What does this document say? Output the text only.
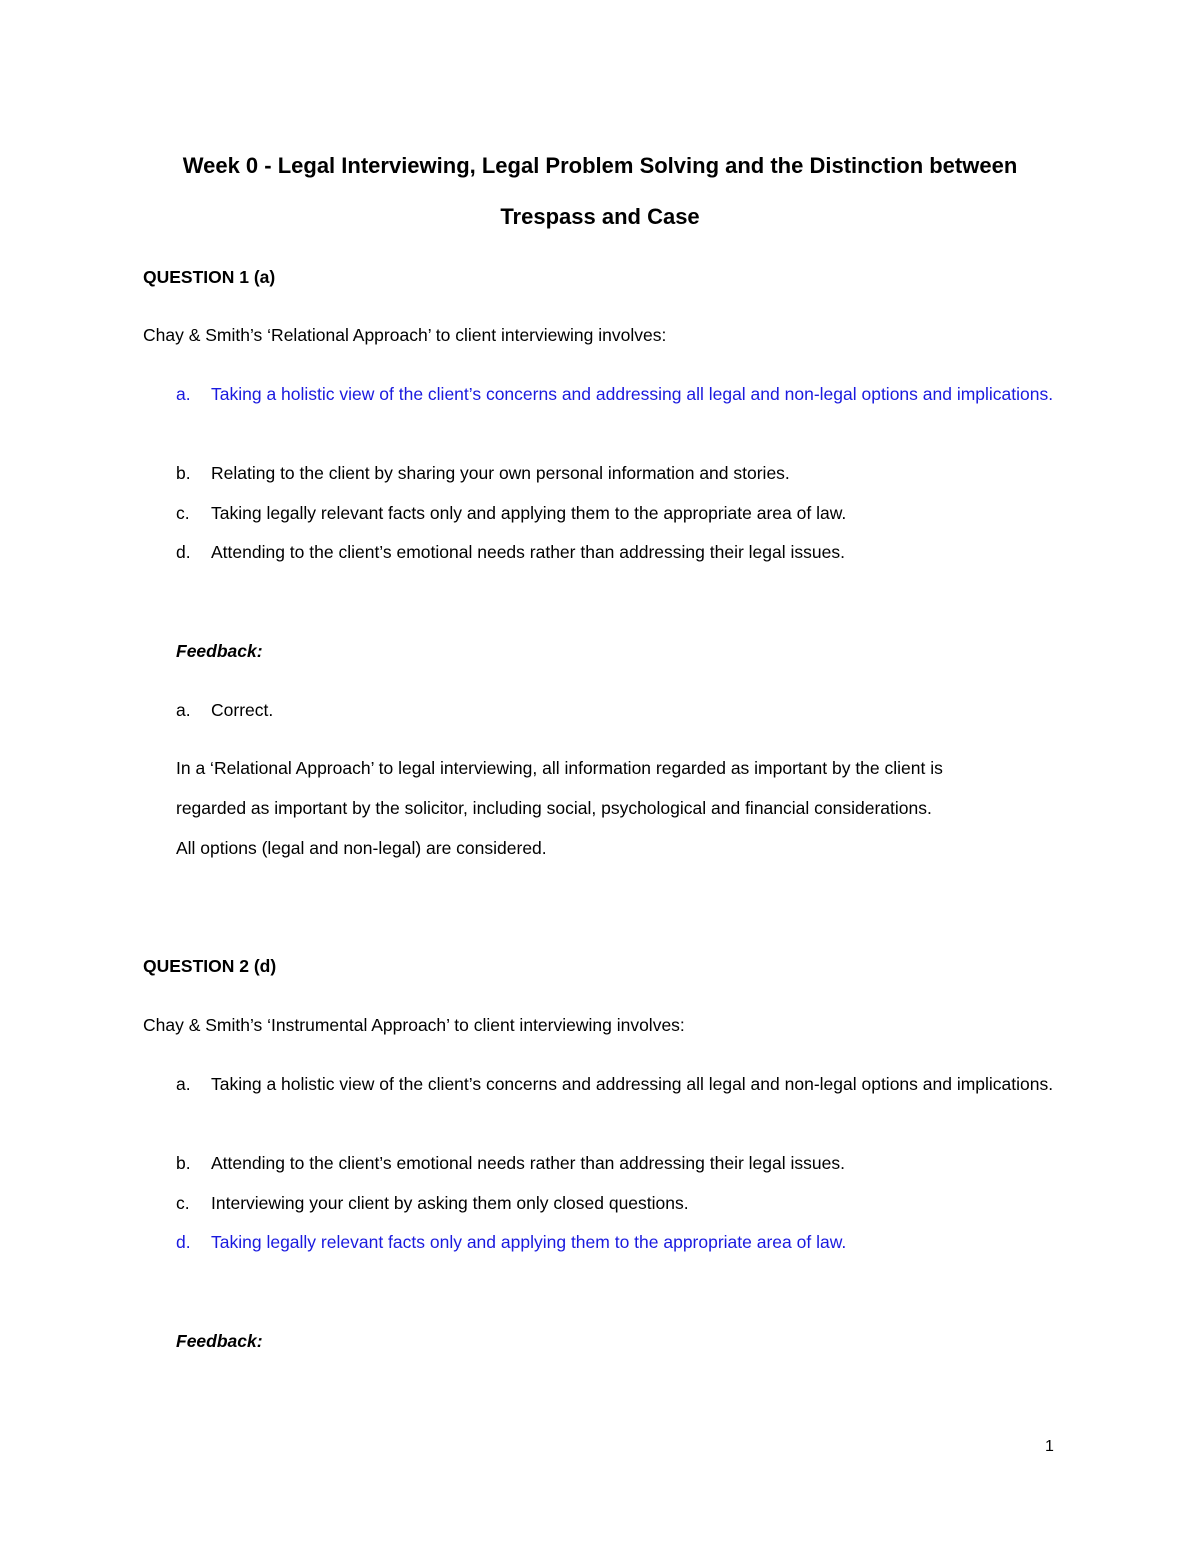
Week 0 - Legal Interviewing, Legal Problem Solving and the Distinction between
Trespass and Case

QUESTION 1 (a)

Chay & Smith’s ‘Relational Approach’ to client interviewing involves:

a.	Taking a holistic view of the client’s concerns and addressing all legal and non-legal options and implications.
b.	Relating to the client by sharing your own personal information and stories.
c.	Taking legally relevant facts only and applying them to the appropriate area of law.
d.	Attending to the client’s emotional needs rather than addressing their legal issues.

Feedback:

a.	Correct.
In a ‘Relational Approach’ to legal interviewing, all information regarded as important by the client is
regarded as important by the solicitor, including social, psychological and financial considerations.
All options (legal and non-legal) are considered.

QUESTION 2 (d)

Chay & Smith’s ‘Instrumental Approach’ to client interviewing involves:

a.	Taking a holistic view of the client’s concerns and addressing all legal and non-legal options and implications.
b.	Attending to the client’s emotional needs rather than addressing their legal issues.
c.	Interviewing your client by asking them only closed questions.
d.	Taking legally relevant facts only and applying them to the appropriate area of law.

Feedback:

1
